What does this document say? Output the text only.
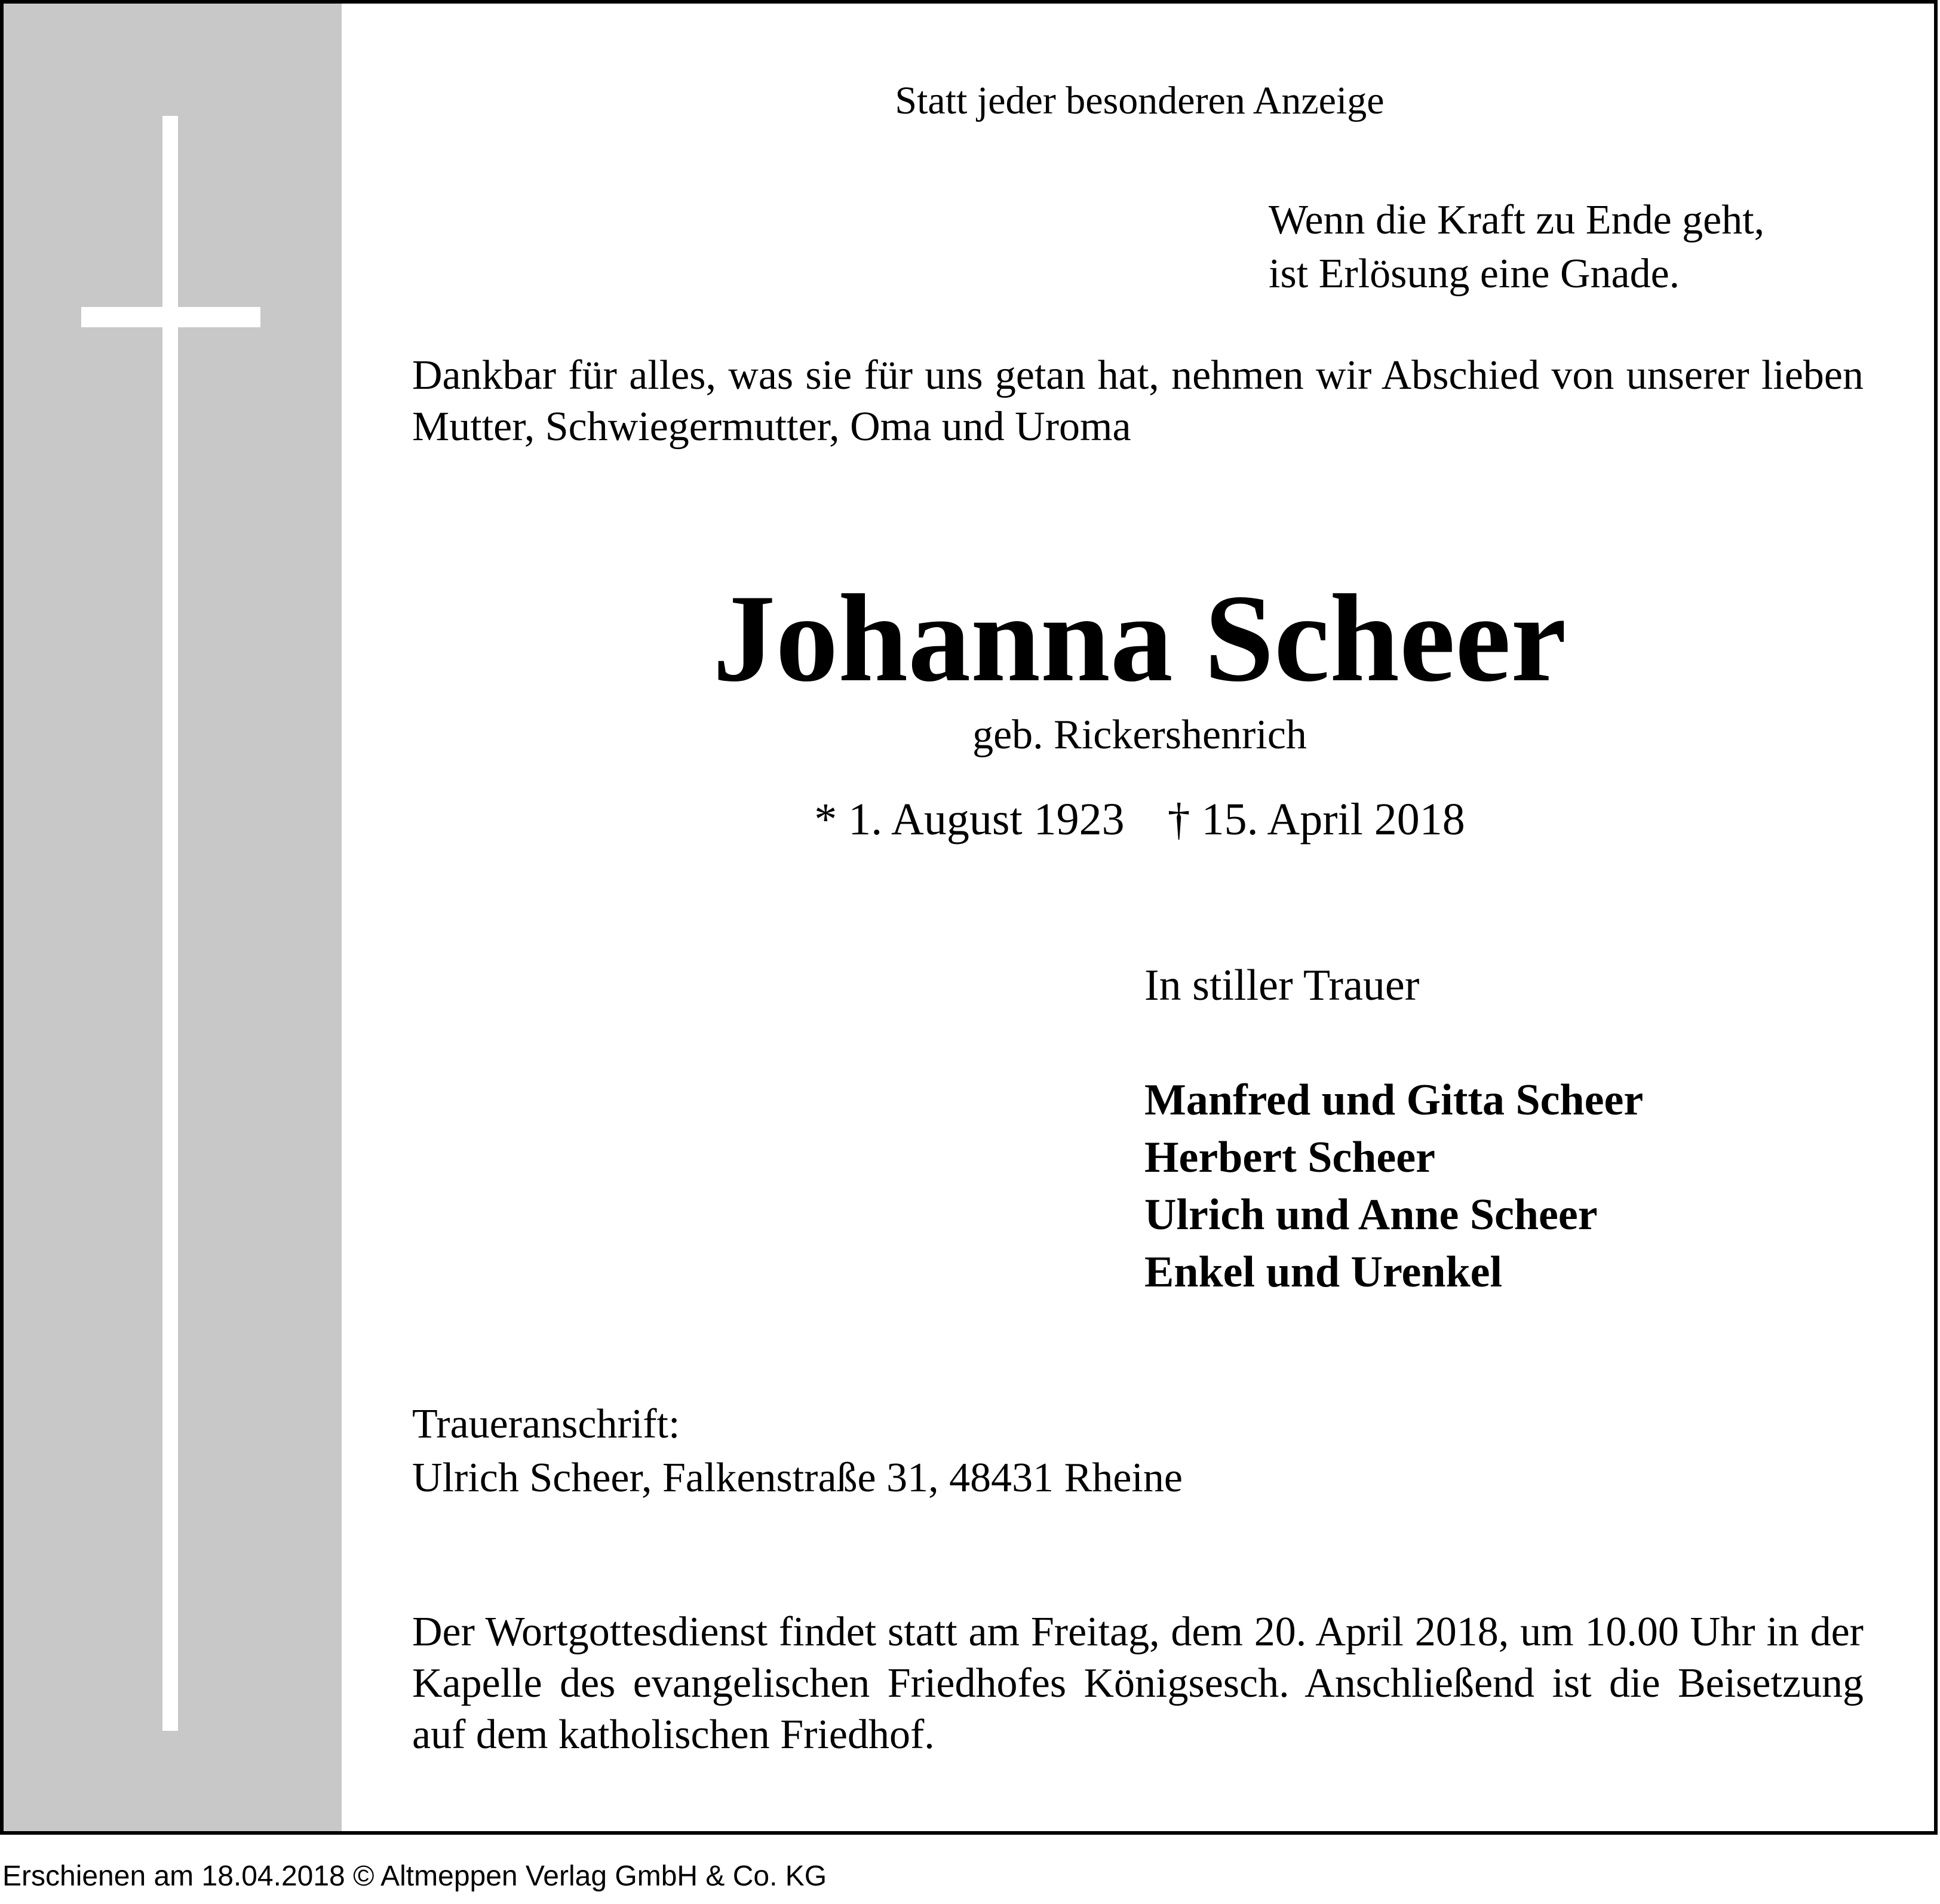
Statt jeder besonderen Anzeige

Wenn die Kraft zu Ende geht,
ist Erlösung eine Gnade.

Dankbar für alles, was sie für uns getan hat, nehmen wir Abschied von unserer lieben Mutter, Schwiegermutter, Oma und Uroma

Johanna Scheer

geb. Rickershenrich

* 1. August 1923 † 15. April 2018

In stiller Trauer

Manfred und Gitta Scheer
Herbert Scheer
Ulrich und Anne Scheer
Enkel und Urenkel

Traueranschrift:

Ulrich Scheer, Falkenstraße 31, 48431 Rheine

Der Wortgottesdienst findet statt am Freitag, dem 20. April 2018, um 10.00 Uhr in der Kapelle des evangelischen Friedhofes Königsesch. Anschließend ist die Beisetzung auf dem katholischen Friedhof.

Erschienen am 18.04.2018 © Altmeppen Verlag GmbH & Co. KG
